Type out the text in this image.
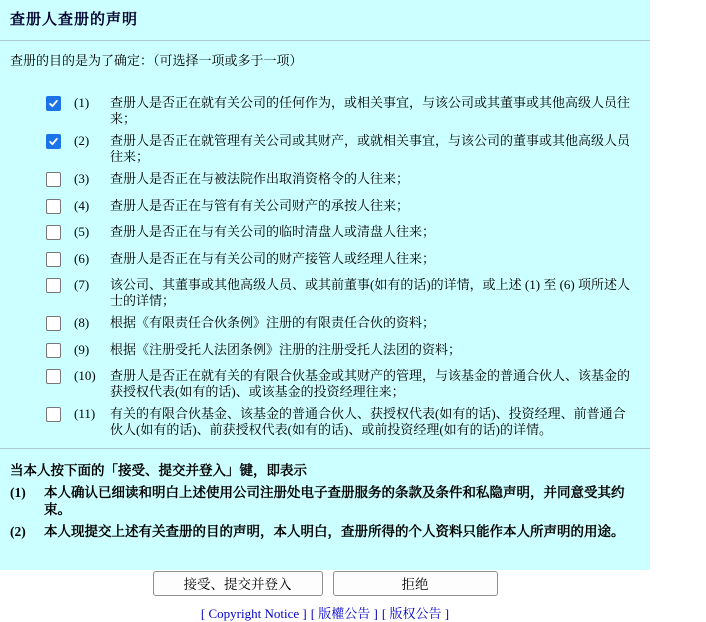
查册人查册的声明
查册的目的是为了确定：（可选择一项或多于一项）
(1)	查册人是否正在就有关公司的任何作为，或相关事宜，与该公司或其董事或其他高级人员往来；
(2)	查册人是否正在就管理有关公司或其财产，或就相关事宜，与该公司的董事或其他高级人员往来；
(3)	查册人是否正在与被法院作出取消资格令的人往来；
(4)	查册人是否正在与管有有关公司财产的承按人往来；
(5)	查册人是否正在与有关公司的临时清盘人或清盘人往来；
(6)	查册人是否正在与有关公司的财产接管人或经理人往来；
(7)	该公司、其董事或其他高级人员、或其前董事(如有的话)的详情，或上述 (1) 至 (6) 项所述人士的详情；
(8)	根据《有限责任合伙条例》注册的有限责任合伙的资料；
(9)	根据《注册受托人法团条例》注册的注册受托人法团的资料；
(10)	查册人是否正在就有关的有限合伙基金或其财产的管理，与该基金的普通合伙人、该基金的获授权代表(如有的话)、或该基金的投资经理往来；
(11)	有关的有限合伙基金、该基金的普通合伙人、获授权代表(如有的话)、投资经理、前普通合伙人(如有的话)、前获授权代表(如有的话)、或前投资经理(如有的话)的详情。
当本人按下面的「接受、提交并登入」键，即表示
(1)	本人确认已细读和明白上述使用公司注册处电子查册服务的条款及条件和私隐声明，并同意受其约束。
(2)	本人现提交上述有关查册的目的声明，本人明白，查册所得的个人资料只能作本人所声明的用途。
接受、提交并登入	拒绝
[ Copyright Notice ] [ 版權公告 ] [ 版权公告 ]
